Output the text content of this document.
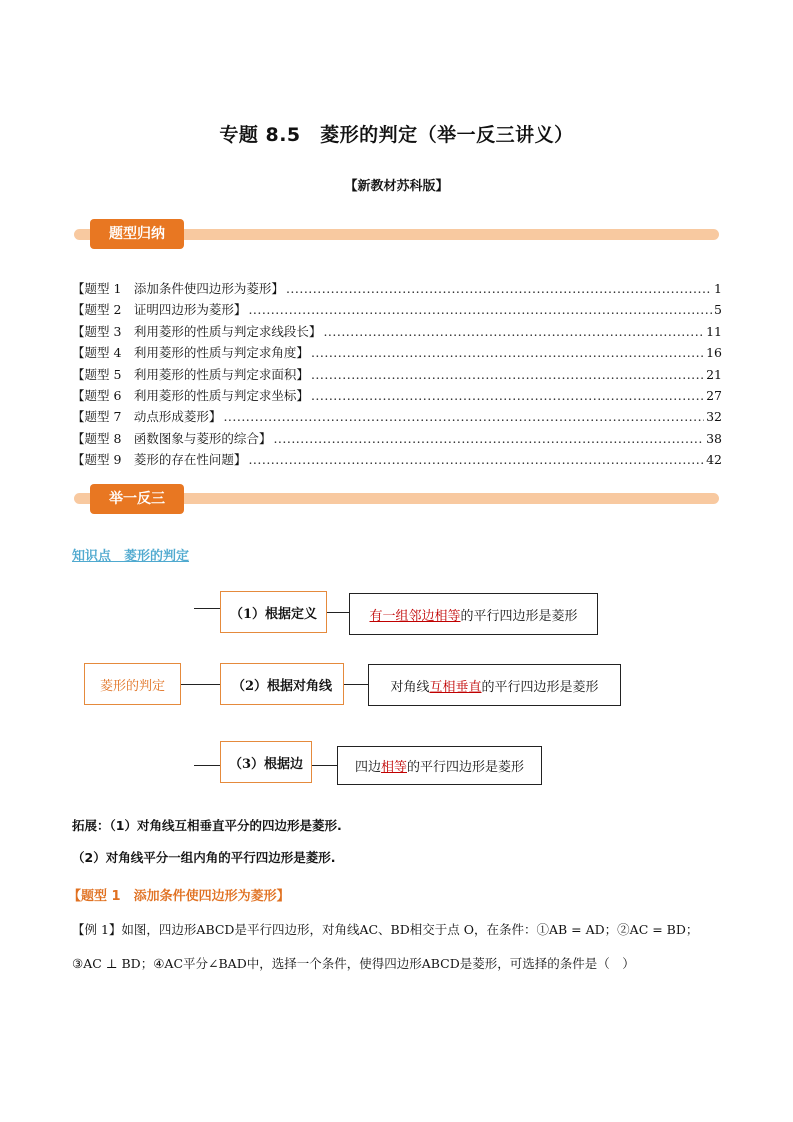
专题 8.5　菱形的判定（举一反三讲义）
【新教材苏科版】
题型归纳
【题型 1　添加条件使四边形为菱形】 .....	1
【题型 2　证明四边形为菱形】 .....	5
【题型 3　利用菱形的性质与判定求线段长】 .....	11
【题型 4　利用菱形的性质与判定求角度】 .....	16
【题型 5　利用菱形的性质与判定求面积】 .....	21
【题型 6　利用菱形的性质与判定求坐标】 .....	27
【题型 7　动点形成菱形】 .....	32
【题型 8　函数图象与菱形的综合】 .....	38
【题型 9　菱形的存在性问题】 .....	42
举一反三
知识点　菱形的判定
菱形的判定
（1）根据定义	有一组邻边相等 的平行四边形是菱形
（2）根据对角线	对角线 互相垂直 的平行四边形是菱形
（3）根据边	四边 相等 的平行四边形是菱形
拓展：（1）对角线互相垂直平分的四边形是菱形.
（2）对角线平分一组内角的平行四边形是菱形.
【题型 1　添加条件使四边形为菱形】
【例 1】如图，四边形ABCD是平行四边形，对角线AC、BD相交于点 O，在条件：①AB = AD；②AC = BD；
③AC ⊥ BD；④AC平分∠BAD中，选择一个条件，使得四边形ABCD是菱形，可选择的条件是（　）
